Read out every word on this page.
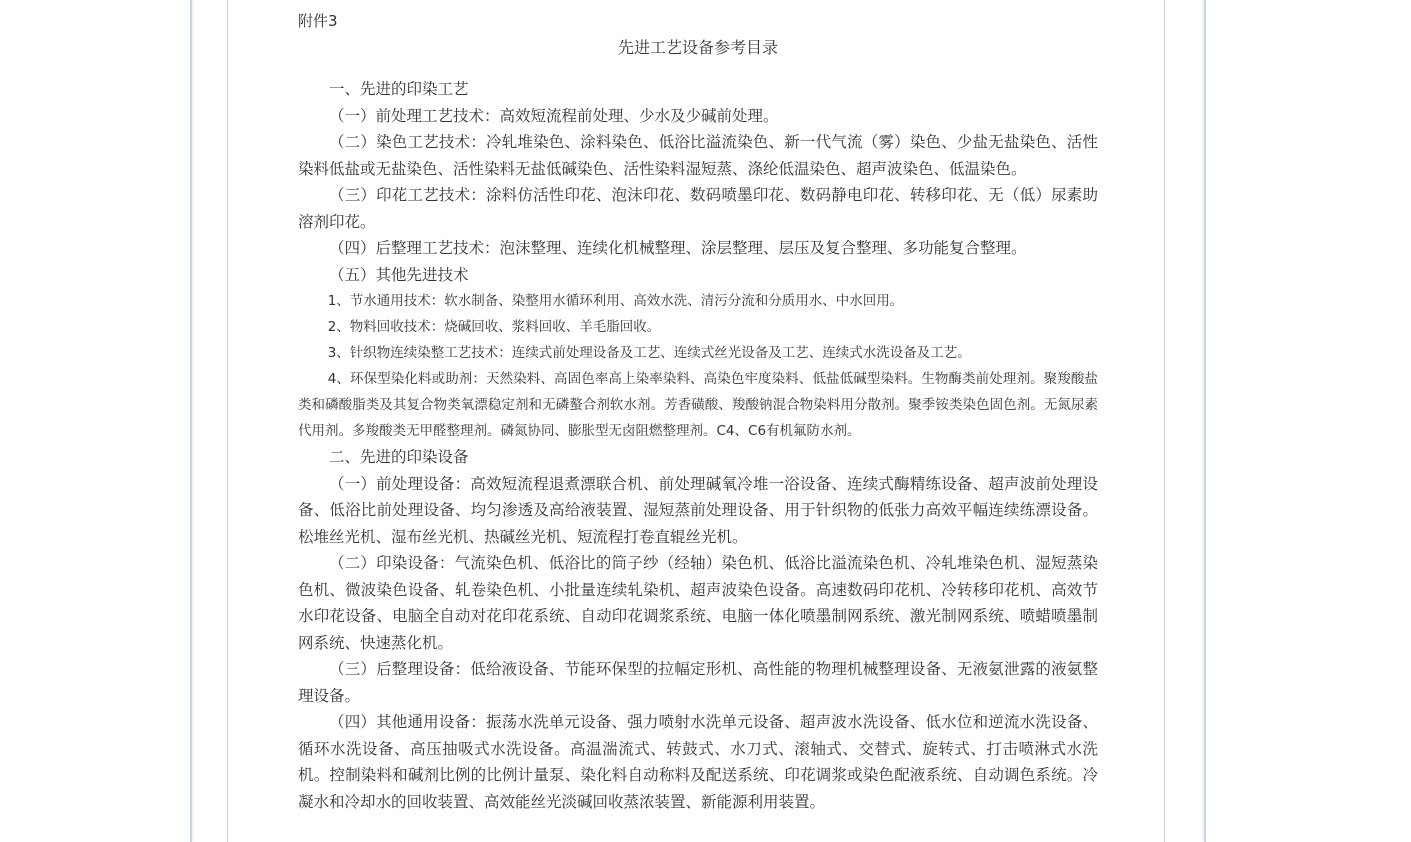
附件3
先进工艺设备参考目录

一、先进的印染工艺

（一）前处理工艺技术：高效短流程前处理、少水及少碱前处理。

（二）染色工艺技术：冷轧堆染色、涂料染色、低浴比溢流染色、新一代气流（雾）染色、少盐无盐染色、活性染料低盐或无盐染色、活性染料无盐低碱染色、活性染料湿短蒸、涤纶低温染色、超声波染色、低温染色。

（三）印花工艺技术：涂料仿活性印花、泡沫印花、数码喷墨印花、数码静电印花、转移印花、无（低）尿素助溶剂印花。

（四）后整理工艺技术：泡沫整理、连续化机械整理、涂层整理、层压及复合整理、多功能复合整理。

（五）其他先进技术

1、节水通用技术：软水制备、染整用水循环利用、高效水洗、清污分流和分质用水、中水回用。

2、物料回收技术：烧碱回收、浆料回收、羊毛脂回收。

3、针织物连续染整工艺技术：连续式前处理设备及工艺、连续式丝光设备及工艺、连续式水洗设备及工艺。

4、环保型染化料或助剂：天然染料、高固色率高上染率染料、高染色牢度染料、低盐低碱型染料。生物酶类前处理剂。聚羧酸盐类和磷酸脂类及其复合物类氧漂稳定剂和无磷螯合剂软水剂。芳香磺酸、羧酸钠混合物染料用分散剂。聚季铵类染色固色剂。无氮尿素代用剂。多羧酸类无甲醛整理剂。磷氮协同、膨胀型无卤阻燃整理剂。C4、C6有机氟防水剂。

二、先进的印染设备

（一）前处理设备：高效短流程退煮漂联合机、前处理碱氧冷堆一浴设备、连续式酶精练设备、超声波前处理设备、低浴比前处理设备、均匀渗透及高给液装置、湿短蒸前处理设备、用于针织物的低张力高效平幅连续练漂设备。松堆丝光机、湿布丝光机、热碱丝光机、短流程打卷直辊丝光机。

（二）印染设备：气流染色机、低浴比的筒子纱（经轴）染色机、低浴比溢流染色机、冷轧堆染色机、湿短蒸染色机、微波染色设备、轧卷染色机、小批量连续轧染机、超声波染色设备。高速数码印花机、冷转移印花机、高效节水印花设备、电脑全自动对花印花系统、自动印花调浆系统、电脑一体化喷墨制网系统、激光制网系统、喷蜡喷墨制网系统、快速蒸化机。

（三）后整理设备：低给液设备、节能环保型的拉幅定形机、高性能的物理机械整理设备、无液氨泄露的液氨整理设备。

（四）其他通用设备：振荡水洗单元设备、强力喷射水洗单元设备、超声波水洗设备、低水位和逆流水洗设备、循环水洗设备、高压抽吸式水洗设备。高温湍流式、转鼓式、水刀式、滚轴式、交替式、旋转式、打击喷淋式水洗机。控制染料和碱剂比例的比例计量泵、染化料自动称料及配送系统、印花调浆或染色配液系统、自动调色系统。冷凝水和冷却水的回收装置、高效能丝光淡碱回收蒸浓装置、新能源利用装置。
